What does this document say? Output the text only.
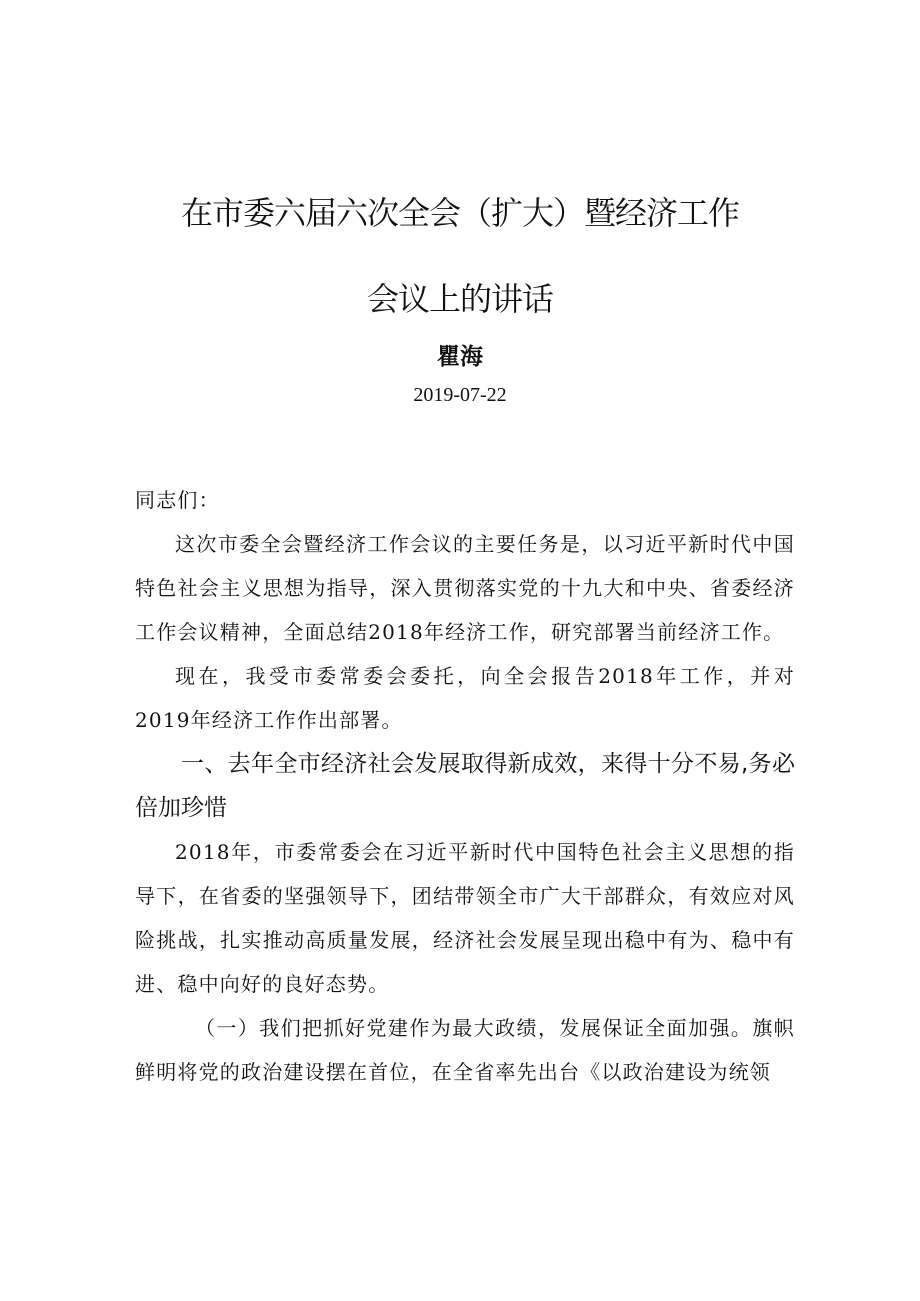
在市委六届六次全会（扩大）暨经济工作
会议上的讲话
瞿海
2019-07-22

同志们：

这次市委全会暨经济工作会议的主要任务是，以习近平新时代中国特色社会主义思想为指导，深入贯彻落实党的十九大和中央、省委经济工作会议精神，全面总结2018年经济工作，研究部署当前经济工作。

现在，我受市委常委会委托，向全会报告2018年工作，并对2019年经济工作作出部署。

一、去年全市经济社会发展取得新成效，来得十分不易,务必倍加珍惜

2018年，市委常委会在习近平新时代中国特色社会主义思想的指导下，在省委的坚强领导下，团结带领全市广大干部群众，有效应对风险挑战，扎实推动高质量发展，经济社会发展呈现出稳中有为、稳中有进、稳中向好的良好态势。

（一）我们把抓好党建作为最大政绩，发展保证全面加强。旗帜鲜明将党的政治建设摆在首位，在全省率先出台《以政治建设为统领
